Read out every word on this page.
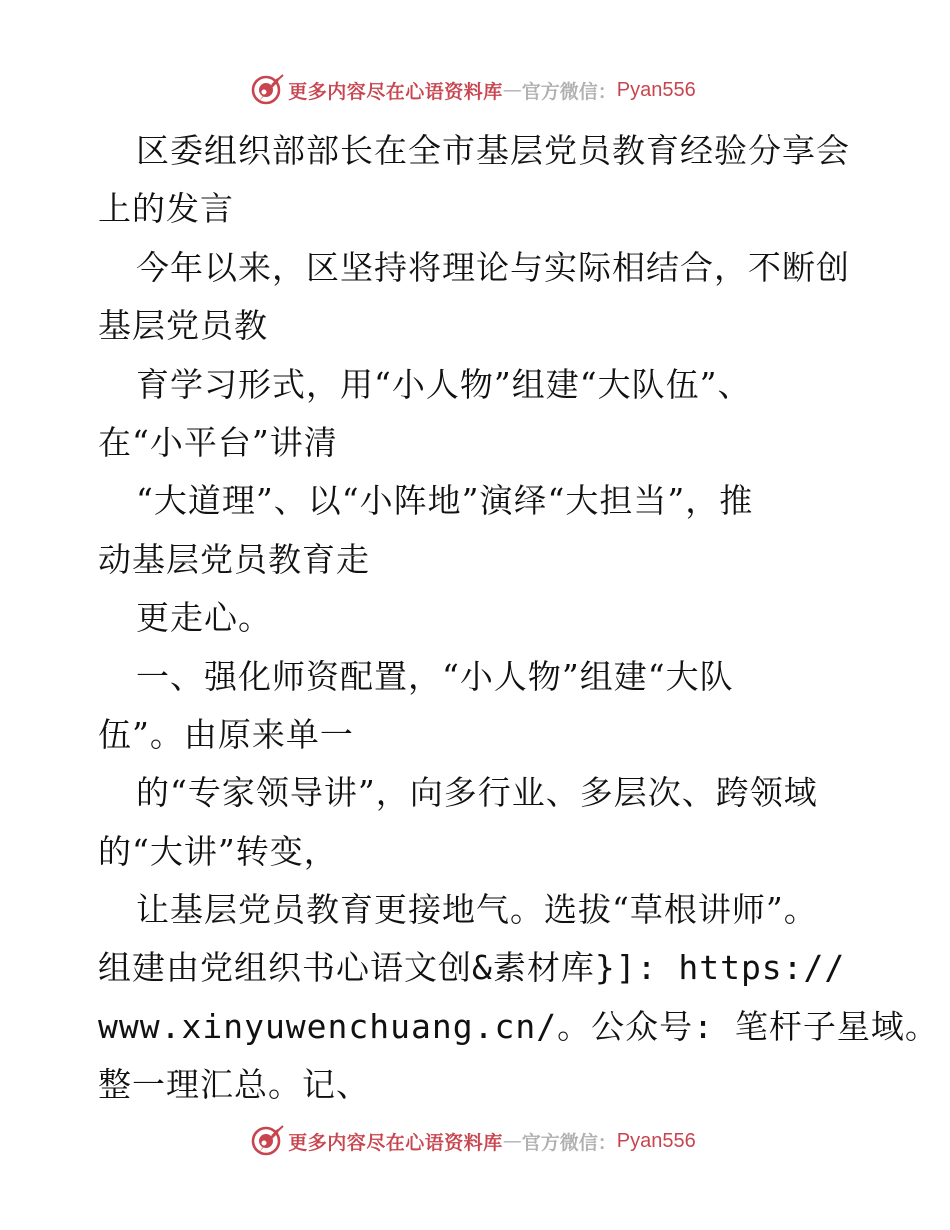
更多内容尽在心语资料库 — 官方微信： Pyan556
区委组织部部长在全市基层党员教育经验分享会
上的发言
今年以来，区坚持将理论与实际相结合，不断创
基层党员教
育学习形式，用“小人物”组建“大队伍”、
在“小平台”讲清
“大道理”、以“小阵地”演绎“大担当”，推
动基层党员教育走
更走心。
一、强化师资配置，“小人物”组建“大队
伍”。由原来单一
的“专家领导讲”，向多行业、多层次、跨领域
的“大讲”转变，
让基层党员教育更接地气。选拔“草根讲师”。
组建由党组织书心语文创&素材库}]: https://
www.xinyuwenchuang.cn/。公众号: 笔杆子星域。
整一理汇总。记、
更多内容尽在心语资料库 — 官方微信： Pyan556
